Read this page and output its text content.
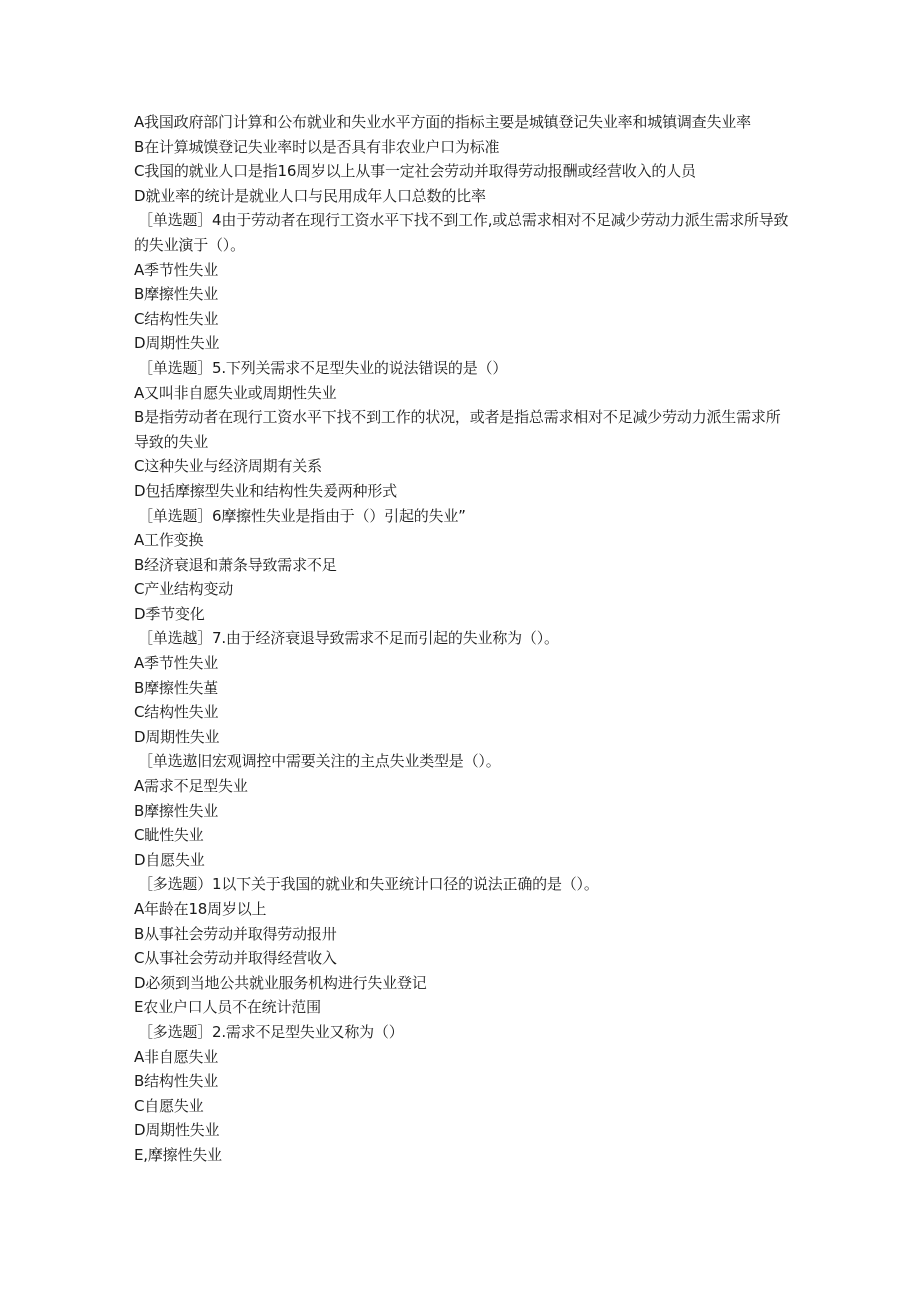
A我国政府部门计算和公布就业和失业水平方面的指标主要是城镇登记失业率和城镇调查失业率
B在计算城馍登记失业率时以是否具有非农业户口为标准
C我国的就业人口是指16周岁以上从事一定社会劳动并取得劳动报酬或经营收入的人员
D就业率的统计是就业人口与民用成年人口总数的比率
［单选题］4由于劳动者在现行工资水平下找不到工作,或总需求相对不足减少劳动力派生需求所导致的失业演于（）。
A季节性失业
B摩擦性失业
C结构性失业
D周期性失业
［单选题］5.下列关需求不足型失业的说法错误的是（）
A又叫非自愿失业或周期性失业
B是指劳动者在现行工资水平下找不到工作的状况，或者是指总需求相对不足减少劳动力派生需求所导致的失业
C这种失业与经济周期有关系
D包括摩擦型失业和结构性失爰两种形式
［单选题］6摩擦性失业是指由于（）引起的失业”
A工作变换
B经济衰退和萧条导致需求不足
C产业结构变动
D季节变化
［单选越］7.由于经济衰退导致需求不足而引起的失业称为（）。
A季节性失业
B摩擦性失堇
C结构性失业
D周期性失业
［单选遨旧宏观调控中需要关注的主点失业类型是（）。
A需求不足型失业
B摩擦性失业
C眦性失业
D自愿失业
［多选题）1以下关于我国的就业和失亚统计口径的说法正确的是（）。
A年龄在18周岁以上
B从事社会劳动并取得劳动报卅
C从事社会劳动并取得经营收入
D必须到当地公共就业服务机构进行失业登记
E农业户口人员不在统计范围
［多选题］2.需求不足型失业又称为（）
A非自愿失业
B结构性失业
C自愿失业
D周期性失业
E,摩擦性失业
